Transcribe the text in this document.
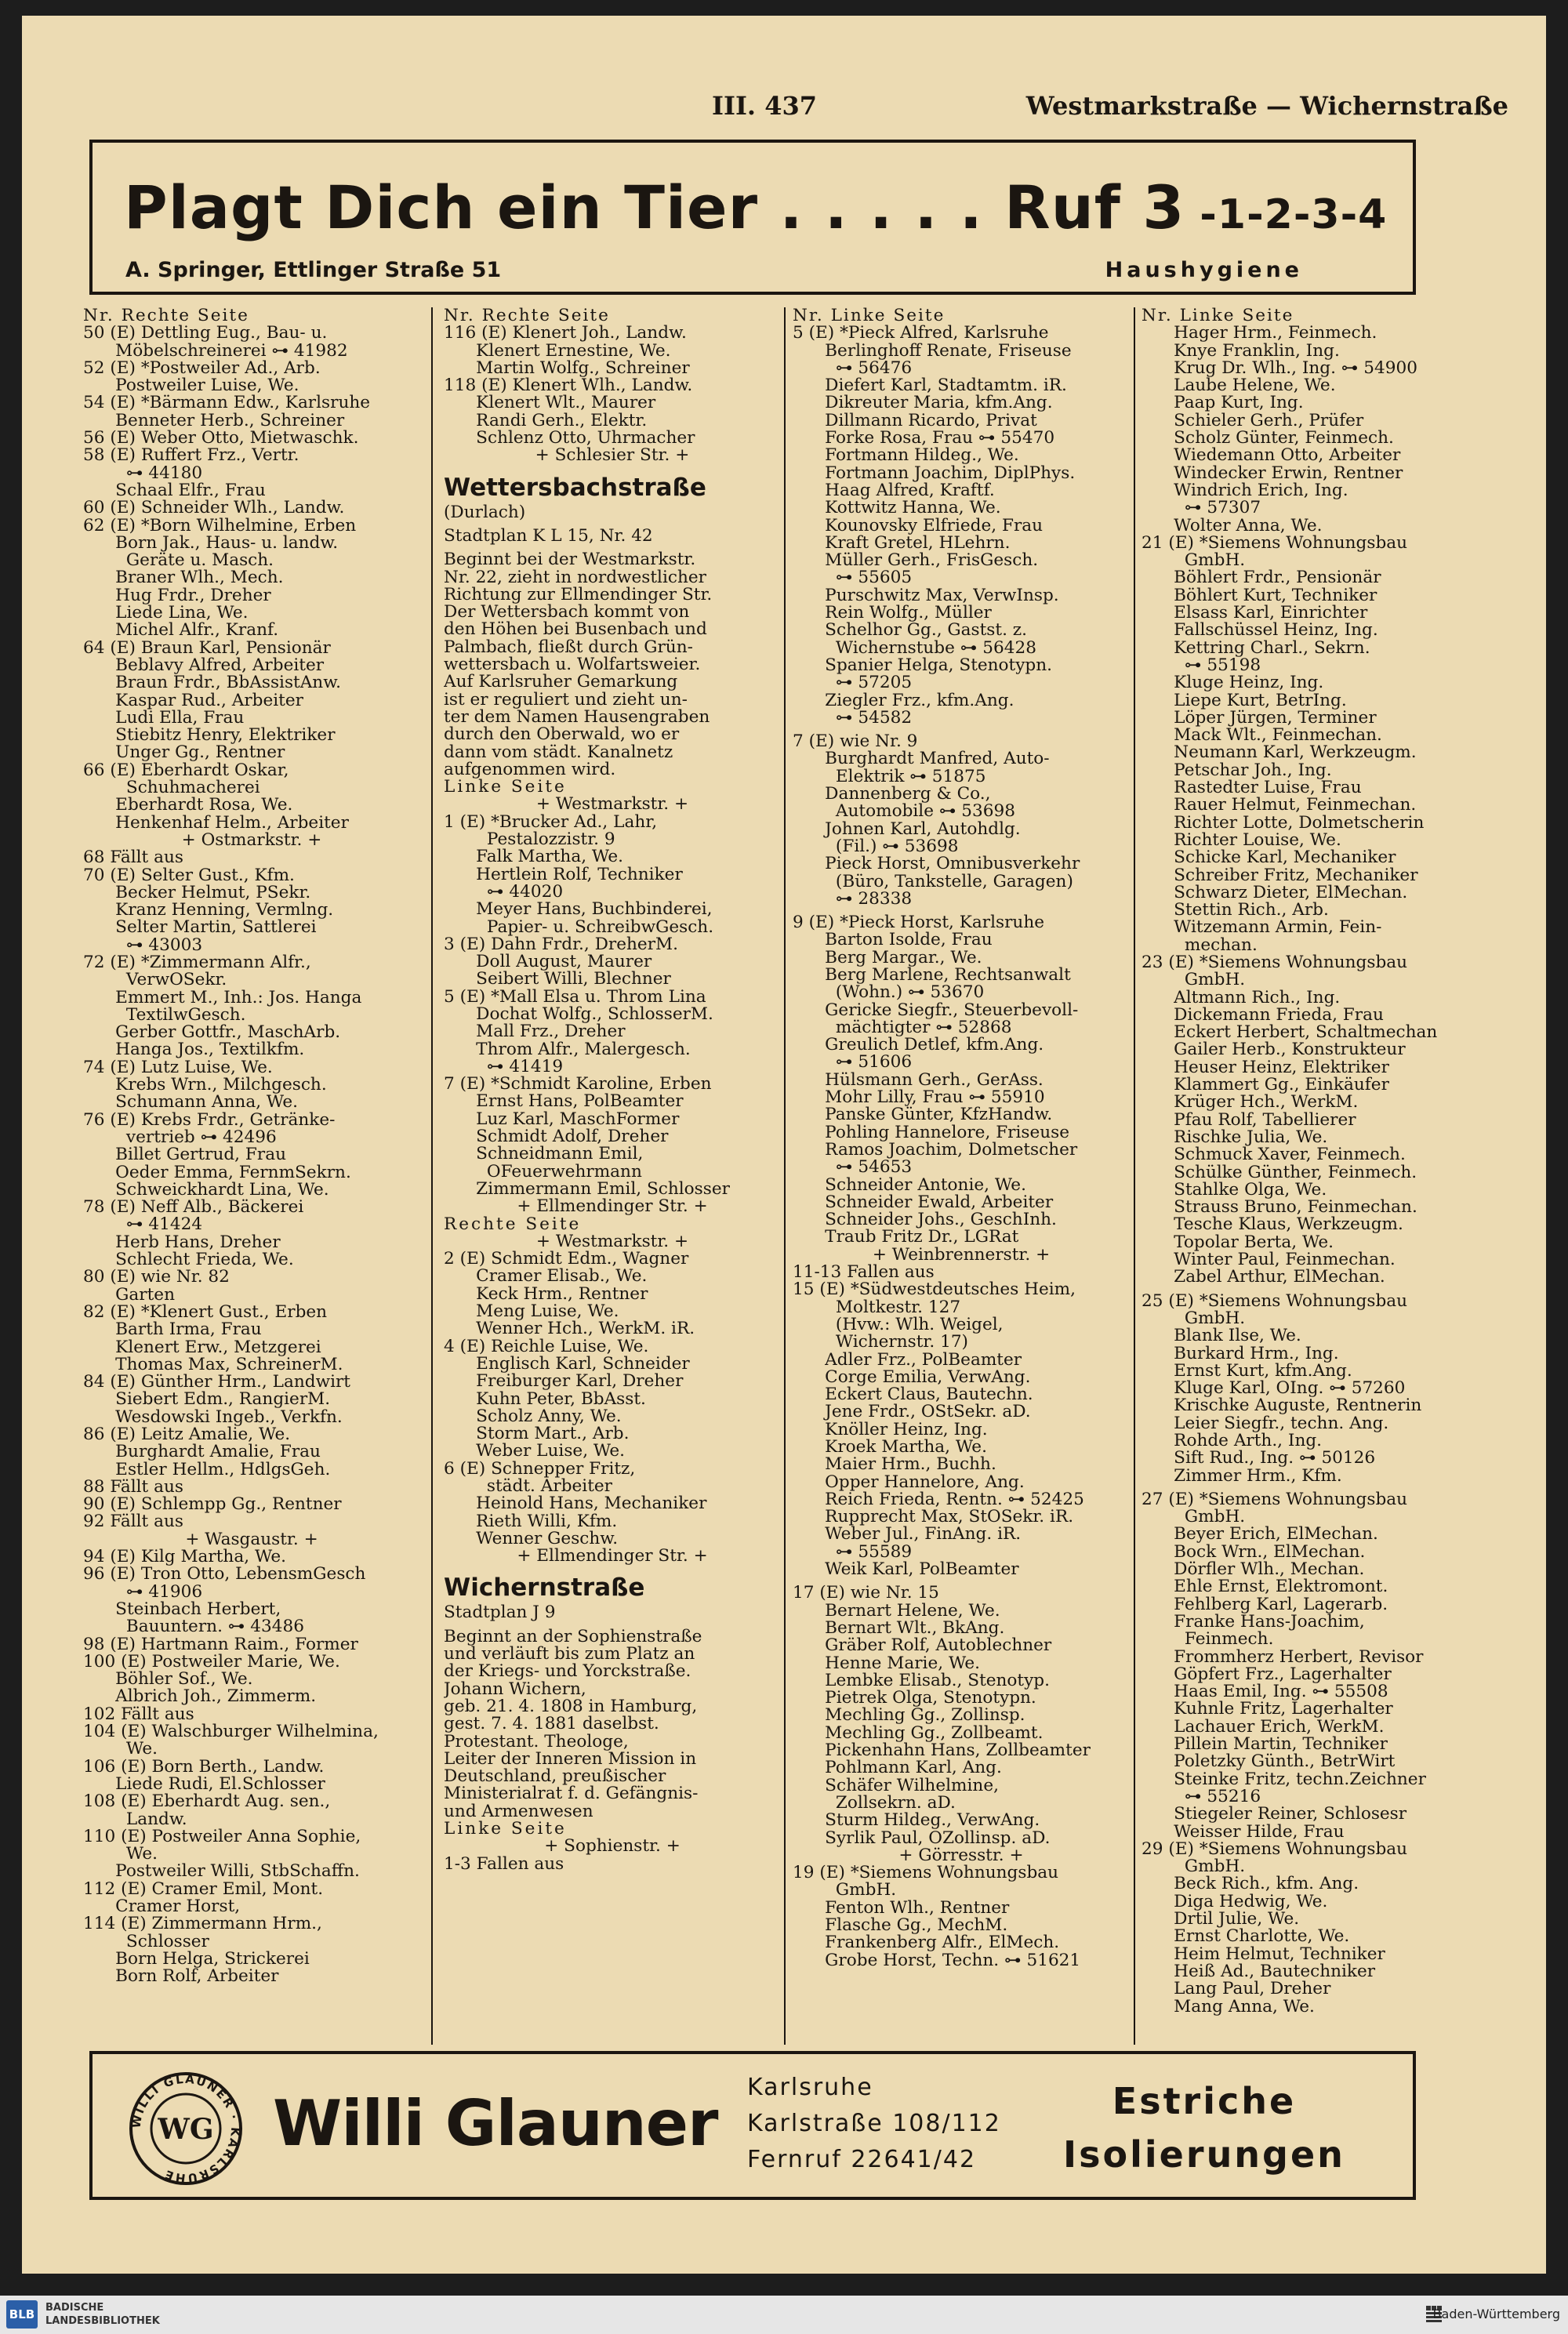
III. 437	Westmarkstraße — Wichernstraße
Plagt Dich ein Tier . . . . . Ruf 3 -1-2-3-4
A. Springer, Ettlinger Straße 51	Haushygiene
Nr. Rechte Seite
50 (E) Dettling Eug., Bau- u.
Möbelschreinerei ⊶ 41982
52 (E) *Postweiler Ad., Arb.
Postweiler Luise, We.
54 (E) *Bärmann Edw., Karlsruhe
Benneter Herb., Schreiner
56 (E) Weber Otto, Mietwaschk.
58 (E) Ruffert Frz., Vertr.
⊶ 44180
Schaal Elfr., Frau
60 (E) Schneider Wlh., Landw.
62 (E) *Born Wilhelmine, Erben
Born Jak., Haus- u. landw.
Geräte u. Masch.
Braner Wlh., Mech.
Hug Frdr., Dreher
Liede Lina, We.
Michel Alfr., Kranf.
64 (E) Braun Karl, Pensionär
Beblavy Alfred, Arbeiter
Braun Frdr., BbAssistAnw.
Kaspar Rud., Arbeiter
Ludi Ella, Frau
Stiebitz Henry, Elektriker
Unger Gg., Rentner
66 (E) Eberhardt Oskar,
Schuhmacherei
Eberhardt Rosa, We.
Henkenhaf Helm., Arbeiter
+ Ostmarkstr. +
68 Fällt aus
70 (E) Selter Gust., Kfm.
Becker Helmut, PSekr.
Kranz Henning, Vermlng.
Selter Martin, Sattlerei
⊶ 43003
72 (E) *Zimmermann Alfr.,
VerwOSekr.
Emmert M., Inh.: Jos. Hanga
TextilwGesch.
Gerber Gottfr., MaschArb.
Hanga Jos., Textilkfm.
74 (E) Lutz Luise, We.
Krebs Wrn., Milchgesch.
Schumann Anna, We.
76 (E) Krebs Frdr., Getränke-
vertrieb ⊶ 42496
Billet Gertrud, Frau
Oeder Emma, FernmSekrn.
Schweickhardt Lina, We.
78 (E) Neff Alb., Bäckerei
⊶ 41424
Herb Hans, Dreher
Schlecht Frieda, We.
80 (E) wie Nr. 82
Garten
82 (E) *Klenert Gust., Erben
Barth Irma, Frau
Klenert Erw., Metzgerei
Thomas Max, SchreinerM.
84 (E) Günther Hrm., Landwirt
Siebert Edm., RangierM.
Wesdowski Ingeb., Verkfn.
86 (E) Leitz Amalie, We.
Burghardt Amalie, Frau
Estler Hellm., HdlgsGeh.
88 Fällt aus
90 (E) Schlempp Gg., Rentner
92 Fällt aus
+ Wasgaustr. +
94 (E) Kilg Martha, We.
96 (E) Tron Otto, LebensmGesch
⊶ 41906
Steinbach Herbert,
Bauuntern. ⊶ 43486
98 (E) Hartmann Raim., Former
100 (E) Postweiler Marie, We.
Böhler Sof., We.
Albrich Joh., Zimmerm.
102 Fällt aus
104 (E) Walschburger Wilhelmina,
We.
106 (E) Born Berth., Landw.
Liede Rudi, El.Schlosser
108 (E) Eberhardt Aug. sen.,
Landw.
110 (E) Postweiler Anna Sophie,
We.
Postweiler Willi, StbSchaffn.
112 (E) Cramer Emil, Mont.
Cramer Horst,
114 (E) Zimmermann Hrm.,
Schlosser
Born Helga, Strickerei
Born Rolf, Arbeiter
Nr. Rechte Seite
116 (E) Klenert Joh., Landw.
Klenert Ernestine, We.
Martin Wolfg., Schreiner
118 (E) Klenert Wlh., Landw.
Klenert Wlt., Maurer
Randi Gerh., Elektr.
Schlenz Otto, Uhrmacher
+ Schlesier Str. +
Wettersbachstraße
(Durlach)
Stadtplan K L 15, Nr. 42
Beginnt bei der Westmarkstr.
Nr. 22, zieht in nordwestlicher
Richtung zur Ellmendinger Str.
Der Wettersbach kommt von
den Höhen bei Busenbach und
Palmbach, fließt durch Grün-
wettersbach u. Wolfartsweier.
Auf Karlsruher Gemarkung
ist er reguliert und zieht un-
ter dem Namen Hausengraben
durch den Oberwald, wo er
dann vom städt. Kanalnetz
aufgenommen wird.
Linke Seite
+ Westmarkstr. +
1 (E) *Brucker Ad., Lahr,
Pestalozzistr. 9
Falk Martha, We.
Hertlein Rolf, Techniker
⊶ 44020
Meyer Hans, Buchbinderei,
Papier- u. SchreibwGesch.
3 (E) Dahn Frdr., DreherM.
Doll August, Maurer
Seibert Willi, Blechner
5 (E) *Mall Elsa u. Throm Lina
Dochat Wolfg., SchlosserM.
Mall Frz., Dreher
Throm Alfr., Malergesch.
⊶ 41419
7 (E) *Schmidt Karoline, Erben
Ernst Hans, PolBeamter
Luz Karl, MaschFormer
Schmidt Adolf, Dreher
Schneidmann Emil,
OFeuerwehrmann
Zimmermann Emil, Schlosser
+ Ellmendinger Str. +
Rechte Seite
+ Westmarkstr. +
2 (E) Schmidt Edm., Wagner
Cramer Elisab., We.
Keck Hrm., Rentner
Meng Luise, We.
Wenner Hch., WerkM. iR.
4 (E) Reichle Luise, We.
Englisch Karl, Schneider
Freiburger Karl, Dreher
Kuhn Peter, BbAsst.
Scholz Anny, We.
Storm Mart., Arb.
Weber Luise, We.
6 (E) Schnepper Fritz,
städt. Arbeiter
Heinold Hans, Mechaniker
Rieth Willi, Kfm.
Wenner Geschw.
+ Ellmendinger Str. +
Wichernstraße
Stadtplan J 9
Beginnt an der Sophienstraße
und verläuft bis zum Platz an
der Kriegs- und Yorckstraße.
Johann Wichern,
geb. 21. 4. 1808 in Hamburg,
gest. 7. 4. 1881 daselbst.
Protestant. Theologe,
Leiter der Inneren Mission in
Deutschland, preußischer
Ministerialrat f. d. Gefängnis-
und Armenwesen
Linke Seite
+ Sophienstr. +
1-3 Fallen aus
Nr. Linke Seite
5 (E) *Pieck Alfred, Karlsruhe
Berlinghoff Renate, Friseuse
⊶ 56476
Diefert Karl, Stadtamtm. iR.
Dikreuter Maria, kfm.Ang.
Dillmann Ricardo, Privat
Forke Rosa, Frau ⊶ 55470
Fortmann Hildeg., We.
Fortmann Joachim, DiplPhys.
Haag Alfred, Kraftf.
Kottwitz Hanna, We.
Kounovsky Elfriede, Frau
Kraft Gretel, HLehrn.
Müller Gerh., FrisGesch.
⊶ 55605
Purschwitz Max, VerwInsp.
Rein Wolfg., Müller
Schelhor Gg., Gastst. z.
Wichernstube ⊶ 56428
Spanier Helga, Stenotypn.
⊶ 57205
Ziegler Frz., kfm.Ang.
⊶ 54582
7 (E) wie Nr. 9
Burghardt Manfred, Auto-
Elektrik ⊶ 51875
Dannenberg & Co.,
Automobile ⊶ 53698
Johnen Karl, Autohdlg.
(Fil.) ⊶ 53698
Pieck Horst, Omnibusverkehr
(Büro, Tankstelle, Garagen)
⊶ 28338
9 (E) *Pieck Horst, Karlsruhe
Barton Isolde, Frau
Berg Margar., We.
Berg Marlene, Rechtsanwalt
(Wohn.) ⊶ 53670
Gericke Siegfr., Steuerbevoll-
mächtigter ⊶ 52868
Greulich Detlef, kfm.Ang.
⊶ 51606
Hülsmann Gerh., GerAss.
Mohr Lilly, Frau ⊶ 55910
Panske Günter, KfzHandw.
Pohling Hannelore, Friseuse
Ramos Joachim, Dolmetscher
⊶ 54653
Schneider Antonie, We.
Schneider Ewald, Arbeiter
Schneider Johs., GeschInh.
Traub Fritz Dr., LGRat
+ Weinbrennerstr. +
11-13 Fallen aus
15 (E) *Südwestdeutsches Heim,
Moltkestr. 127
(Hvw.: Wlh. Weigel,
Wichernstr. 17)
Adler Frz., PolBeamter
Corge Emilia, VerwAng.
Eckert Claus, Bautechn.
Jene Frdr., OStSekr. aD.
Knöller Heinz, Ing.
Kroek Martha, We.
Maier Hrm., Buchh.
Opper Hannelore, Ang.
Reich Frieda, Rentn. ⊶ 52425
Rupprecht Max, StOSekr. iR.
Weber Jul., FinAng. iR.
⊶ 55589
Weik Karl, PolBeamter
17 (E) wie Nr. 15
Bernart Helene, We.
Bernart Wlt., BkAng.
Gräber Rolf, Autoblechner
Henne Marie, We.
Lembke Elisab., Stenotyp.
Pietrek Olga, Stenotypn.
Mechling Gg., Zollinsp.
Mechling Gg., Zollbeamt.
Pickenhahn Hans, Zollbeamter
Pohlmann Karl, Ang.
Schäfer Wilhelmine,
Zollsekrn. aD.
Sturm Hildeg., VerwAng.
Syrlik Paul, OZollinsp. aD.
+ Görresstr. +
19 (E) *Siemens Wohnungsbau
GmbH.
Fenton Wlh., Rentner
Flasche Gg., MechM.
Frankenberg Alfr., ElMech.
Grobe Horst, Techn. ⊶ 51621
Nr. Linke Seite
Hager Hrm., Feinmech.
Knye Franklin, Ing.
Krug Dr. Wlh., Ing. ⊶ 54900
Laube Helene, We.
Paap Kurt, Ing.
Schieler Gerh., Prüfer
Scholz Günter, Feinmech.
Wiedemann Otto, Arbeiter
Windecker Erwin, Rentner
Windrich Erich, Ing.
⊶ 57307
Wolter Anna, We.
21 (E) *Siemens Wohnungsbau
GmbH.
Böhlert Frdr., Pensionär
Böhlert Kurt, Techniker
Elsass Karl, Einrichter
Fallschüssel Heinz, Ing.
Kettring Charl., Sekrn.
⊶ 55198
Kluge Heinz, Ing.
Liepe Kurt, BetrIng.
Löper Jürgen, Terminer
Mack Wlt., Feinmechan.
Neumann Karl, Werkzeugm.
Petschar Joh., Ing.
Rastedter Luise, Frau
Rauer Helmut, Feinmechan.
Richter Lotte, Dolmetscherin
Richter Louise, We.
Schicke Karl, Mechaniker
Schreiber Fritz, Mechaniker
Schwarz Dieter, ElMechan.
Stettin Rich., Arb.
Witzemann Armin, Fein-
mechan.
23 (E) *Siemens Wohnungsbau
GmbH.
Altmann Rich., Ing.
Dickemann Frieda, Frau
Eckert Herbert, Schaltmechan
Gailer Herb., Konstrukteur
Heuser Heinz, Elektriker
Klammert Gg., Einkäufer
Krüger Hch., WerkM.
Pfau Rolf, Tabellierer
Rischke Julia, We.
Schmuck Xaver, Feinmech.
Schülke Günther, Feinmech.
Stahlke Olga, We.
Strauss Bruno, Feinmechan.
Tesche Klaus, Werkzeugm.
Topolar Berta, We.
Winter Paul, Feinmechan.
Zabel Arthur, ElMechan.
25 (E) *Siemens Wohnungsbau
GmbH.
Blank Ilse, We.
Burkard Hrm., Ing.
Ernst Kurt, kfm.Ang.
Kluge Karl, OIng. ⊶ 57260
Krischke Auguste, Rentnerin
Leier Siegfr., techn. Ang.
Rohde Arth., Ing.
Sift Rud., Ing. ⊶ 50126
Zimmer Hrm., Kfm.
27 (E) *Siemens Wohnungsbau
GmbH.
Beyer Erich, ElMechan.
Bock Wrn., ElMechan.
Dörfler Wlh., Mechan.
Ehle Ernst, Elektromont.
Fehlberg Karl, Lagerarb.
Franke Hans-Joachim,
Feinmech.
Frommherz Herbert, Revisor
Göpfert Frz., Lagerhalter
Haas Emil, Ing. ⊶ 55508
Kuhnle Fritz, Lagerhalter
Lachauer Erich, WerkM.
Pillein Martin, Techniker
Poletzky Günth., BetrWirt
Steinke Fritz, techn.Zeichner
⊶ 55216
Stiegeler Reiner, Schlosesr
Weisser Hilde, Frau
29 (E) *Siemens Wohnungsbau
GmbH.
Beck Rich., kfm. Ang.
Diga Hedwig, We.
Drtil Julie, We.
Ernst Charlotte, We.
Heim Helmut, Techniker
Heiß Ad., Bautechniker
Lang Paul, Dreher
Mang Anna, We.
WILLI GLAUNER · KARLSRUHE
WG Willi Glauner Karlsruhe
Karlstraße 108/112
Fernruf 22641/42
Estriche
Isolierungen
BLB BADISCHE
LANDESBIBLIOTHEK	Baden-Württemberg
